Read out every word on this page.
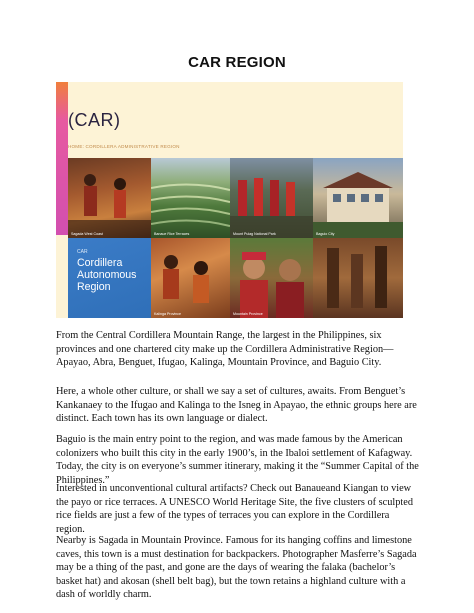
CAR REGION
(CAR)
HOME: CORDILLERA ADMINISTRATIVE REGION
Sagada West Coast	Banaue Rice Terraces	Mount Pulag National Park	Baguio City
CAR
Cordillera Autonomous Region
Kalinga Province	Mountain Province
From the Central Cordillera Mountain Range, the largest in the Philippines, six provinces and one chartered city make up the Cordillera Administrative Region—Apayao, Abra, Benguet, Ifugao, Kalinga, Mountain Province, and Baguio City.
Here, a whole other culture, or shall we say a set of cultures, awaits. From Benguet’s Kankanaey to the Ifugao and Kalinga to the Isneg in Apayao, the ethnic groups here are distinct. Each town has its own language or dialect.
Baguio is the main entry point to the region, and was made famous by the American colonizers who built this city in the early 1900’s, in the Ibaloi settlement of Kafagway. Today, the city is on everyone’s summer itinerary, making it the “Summer Capital of the Philippines.”
Interested in unconventional cultural artifacts? Check out Banaueand Kiangan to view the payo or rice terraces. A UNESCO World Heritage Site, the five clusters of sculpted rice fields are just a few of the types of terraces you can explore in the Cordillera region.
Nearby is Sagada in Mountain Province. Famous for its hanging coffins and limestone caves, this town is a must destination for backpackers. Photographer Masferre’s Sagada may be a thing of the past, and gone are the days of wearing the falaka (bachelor’s basket hat) and akosan (shell belt bag), but the town retains a highland culture with a dash of worldly charm.
